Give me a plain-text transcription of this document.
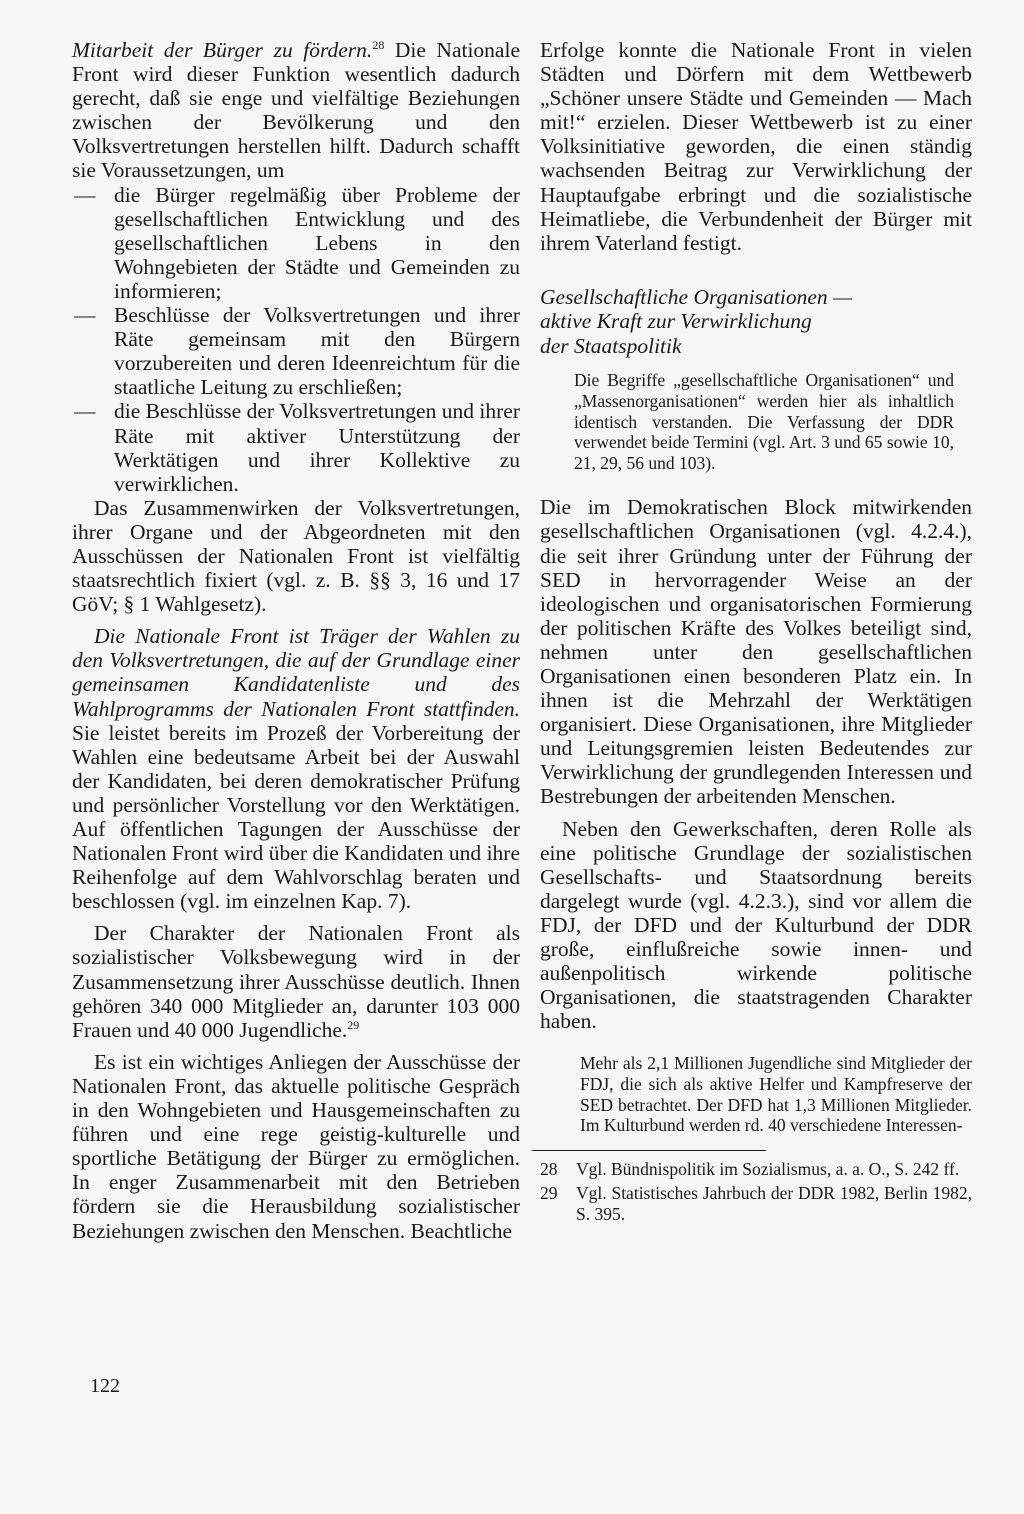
Mitarbeit der Bürger zu fördern.$^{28}$ Die Nationale Front wird dieser Funktion wesentlich dadurch gerecht, daß sie enge und vielfältige Beziehungen zwischen der Bevölkerung und den Volksvertretungen herstellen hilft. Dadurch schafft sie Voraussetzungen, um

— die Bürger regelmäßig über Probleme der gesellschaftlichen Entwicklung und des gesellschaftlichen Lebens in den Wohngebieten der Städte und Gemeinden zu informieren;
— Beschlüsse der Volksvertretungen und ihrer Räte gemeinsam mit den Bürgern vorzubereiten und deren Ideenreichtum für die staatliche Leitung zu erschließen;
— die Beschlüsse der Volksvertretungen und ihrer Räte mit aktiver Unterstützung der Werktätigen und ihrer Kollektive zu verwirklichen.

Das Zusammenwirken der Volksvertretungen, ihrer Organe und der Abgeordneten mit den Ausschüssen der Nationalen Front ist vielfältig staatsrechtlich fixiert (vgl. z. B. §§ 3, 16 und 17 GöV; § 1 Wahlgesetz).

Die Nationale Front ist Träger der Wahlen zu den Volksvertretungen, die auf der Grundlage einer gemeinsamen Kandidatenliste und des Wahlprogramms der Nationalen Front stattfinden. Sie leistet bereits im Prozeß der Vorbereitung der Wahlen eine bedeutsame Arbeit bei der Auswahl der Kandidaten, bei deren demokratischer Prüfung und persönlicher Vorstellung vor den Werktätigen. Auf öffentlichen Tagungen der Ausschüsse der Nationalen Front wird über die Kandidaten und ihre Reihenfolge auf dem Wahlvorschlag beraten und beschlossen (vgl. im einzelnen Kap. 7).

Der Charakter der Nationalen Front als sozialistischer Volksbewegung wird in der Zusammensetzung ihrer Ausschüsse deutlich. Ihnen gehören 340 000 Mitglieder an, darunter 103 000 Frauen und 40 000 Jugendliche.$^{29}$

Es ist ein wichtiges Anliegen der Ausschüsse der Nationalen Front, das aktuelle politische Gespräch in den Wohngebieten und Hausgemeinschaften zu führen und eine rege geistig-kulturelle und sportliche Betätigung der Bürger zu ermöglichen. In enger Zusammenarbeit mit den Betrieben fördern sie die Herausbildung sozialistischer Beziehungen zwischen den Menschen. Beachtliche

Erfolge konnte die Nationale Front in vielen Städten und Dörfern mit dem Wettbewerb „Schöner unsere Städte und Gemeinden — Mach mit!“ erzielen. Dieser Wettbewerb ist zu einer Volksinitiative geworden, die einen ständig wachsenden Beitrag zur Verwirklichung der Hauptaufgabe erbringt und die sozialistische Heimatliebe, die Verbundenheit der Bürger mit ihrem Vaterland festigt.

Gesellschaftliche Organisationen —
aktive Kraft zur Verwirklichung
der Staatspolitik

Die Begriffe „gesellschaftliche Organisationen“ und „Massenorganisationen“ werden hier als inhaltlich identisch verstanden. Die Verfassung der DDR verwendet beide Termini (vgl. Art. 3 und 65 sowie 10, 21, 29, 56 und 103).

Die im Demokratischen Block mitwirkenden gesellschaftlichen Organisationen (vgl. 4.2.4.), die seit ihrer Gründung unter der Führung der SED in hervorragender Weise an der ideologischen und organisatorischen Formierung der politischen Kräfte des Volkes beteiligt sind, nehmen unter den gesellschaftlichen Organisationen einen besonderen Platz ein. In ihnen ist die Mehrzahl der Werktätigen organisiert. Diese Organisationen, ihre Mitglieder und Leitungsgremien leisten Bedeutendes zur Verwirklichung der grundlegenden Interessen und Bestrebungen der arbeitenden Menschen.

Neben den Gewerkschaften, deren Rolle als eine politische Grundlage der sozialistischen Gesellschafts- und Staatsordnung bereits dargelegt wurde (vgl. 4.2.3.), sind vor allem die FDJ, der DFD und der Kulturbund der DDR große, einflußreiche sowie innen- und außenpolitisch wirkende politische Organisationen, die staatstragenden Charakter haben.

Mehr als 2,1 Millionen Jugendliche sind Mitglieder der FDJ, die sich als aktive Helfer und Kampfreserve der SED betrachtet. Der DFD hat 1,3 Millionen Mitglieder. Im Kulturbund werden rd. 40 verschiedene Interessen-

28	Vgl. Bündnispolitik im Sozialismus, a. a. O., S. 242 ff.
29	Vgl. Statistisches Jahrbuch der DDR 1982, Berlin 1982, S. 395.
122
